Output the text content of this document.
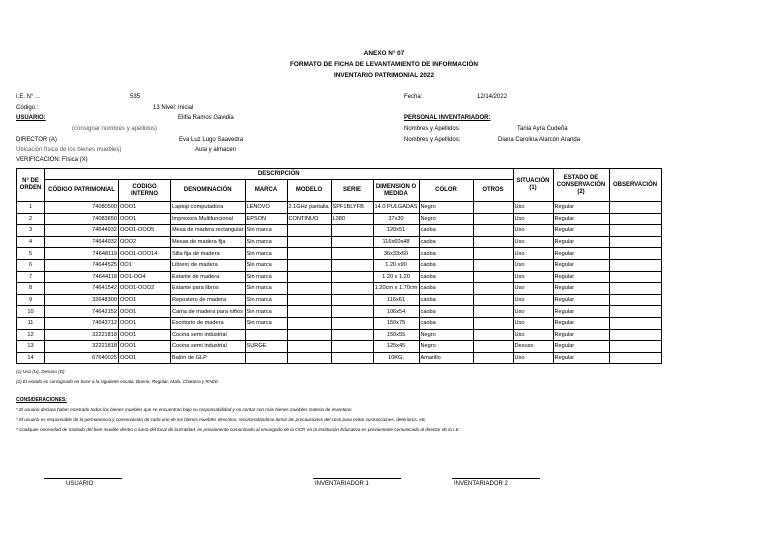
ANEXO N° 07
FORMATO DE FICHA DE LEVANTAMIENTO DE INFORMACIÓN
INVENTARIO PATRIMONIAL 2022
I.E. N° ...	535
Código :	13 Nivel: Inicial
USUARIO:	Elifia Ramos Gavidia
(consignar nombres y apellidos)
DIRECTOR (A)	Eva Luz Lugo Saavedra
Ubicación física de los bienes muebles)	Aula y almacen
VERIFICACIÓN: Física (X)
Fecha:	12/14/2022
PERSONAL INVENTARIADOR:
Nombres y Apellidos:	Tania Ayra Cudeña
Nombres y Apellidos:	Diana Carolina Alarcón Aranda
N° DE ORDEN	DESCRIPCIÓN									SITUACIÓN (1)	ESTADO DE CONSERVACIÓN (2)	OBSERVACIÓN
	CÓDIGO PATRIMONIAL	CODIGO INTERNO	DENOMINACIÓN	MARCA	MODELO	SERIE	DIMENSION O MEDIDA	COLOR	OTROS			
1	74080500	OOO1	Laptop computadora	LENOVO	2.1GHz pantalla	SPF1BLYFB	14.0 PULGADAS	Negro		Uso	Regular	
2	74083650	OOO1	Impresora Multifuncional	EPSON	CONTINUO	L380	37x30	Negro		Uso	Regular	
3	74644932	OOO1-OOO5	Mesa de madera rectangular	Sin marca			120x51	caoba		Uso	Regular	
4	74644932	OOO2	Mesas de madera fija	Sin marca			116x60x48	caoba		Uso	Regular	
5	74648119	OOO1-OOO14	Silla fija de madera	Sin marca			36x33x60	caoba		Uso	Regular	
6	74644525	OO1	Librero de madera	Sin marca			1.20 x90	caoba		Uso	Regular	
7	74644118	OO1-OO4	Estante de madera	Sin marca			1.20 x 1.20	caoba		Uso	Regular	
8	74641542	OOO1-OOO2	Estante para libros	Sin marca			1.20cm x 1.70cm	caoba		Uso	Regular	
9	32648300	OOO1	Repostero de madera	Sin marca			116x61	caoba		Uso	Regular	
10	74642152	OOO1	Cama de madera para niños	Sin marca			106x54	caoba		Uso	Regular	
11	74643712	OOO1	Escritorio de madera	Sin marca			150x75	caoba		Uso	Regular	
12	32221818	OOO1	Cocina semi industrial				150x55	Negro		Uso	Regular	
13	32221818	OOO1	Cocina semi industrial	SURGE			125x45	Negro		Desuso	Regular	
14	67640025	OOO1	Balón de GLP				10KG.	Amarillo		Uso	Regular	
(1) Uso (U), Desuso (D)
(2) El estado es consignado en base a la siguiente escala: Bueno, Regular, Malo, Chatarra y RAEE.
CONSIDERACIONES:
* El usuario declara haber mostrado todos los bienes muebles que se encuentran bajo su responsabilidad y no contar con más bienes muebles materia de inventario
* El usuario es responsable de la permanencia y conservación de cada uno de los bienes muebles descritos, recomendándose tomar las precauciones del caso para evitar sustracciones, deterioros, etc.
* Cualquier necesidad de traslado del bien mueble dentro o fuera del local de la Entidad, es previamente comunicado al encargado de la OCP, en la Institución Educativa es previamente comunicado al director de la I.E.
USUARIO	INVENTARIADOR 1	INVENTARIADOR 2
